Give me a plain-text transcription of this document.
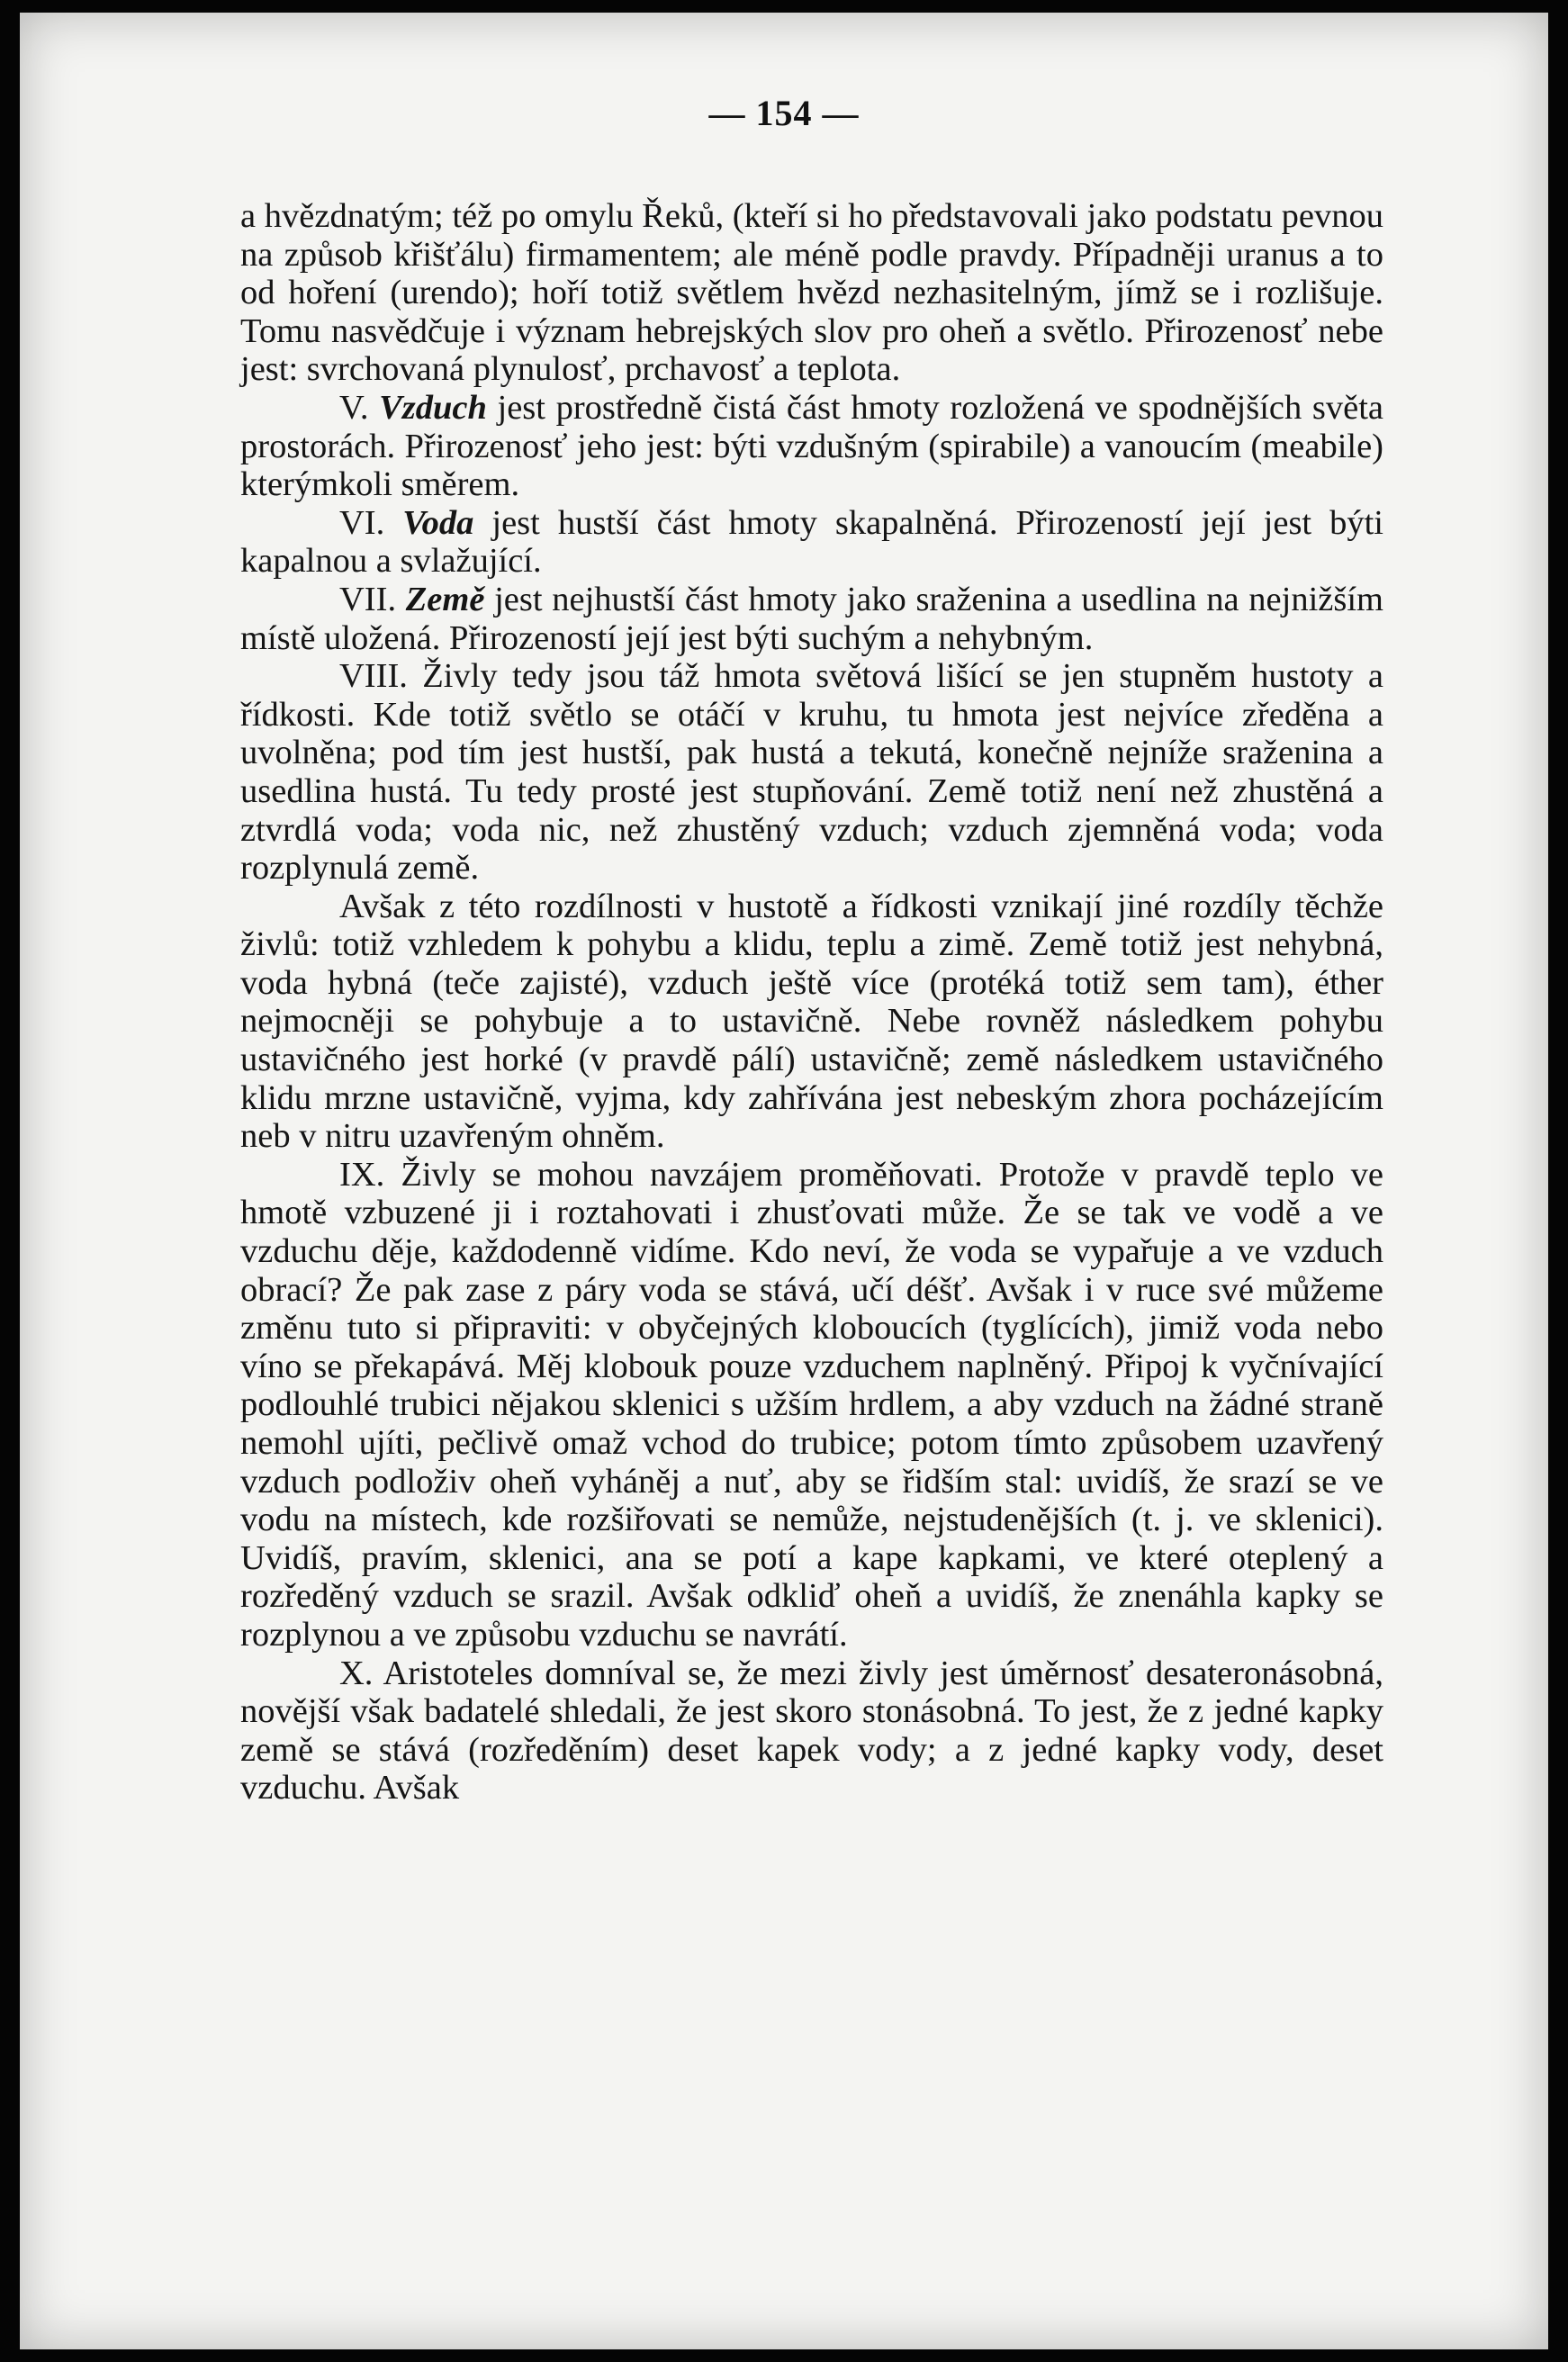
— 154 —

a hvězdnatým; též po omylu Řeků, (kteří si ho představovali jako podstatu pevnou na způsob křišťálu) firmamentem; ale méně podle pravdy. Případněji uranus a to od hoření (urendo); hoří totiž světlem hvězd nezhasitelným, jímž se i rozlišuje. Tomu nasvědčuje i význam hebrejských slov pro oheň a světlo. Přirozenosť nebe jest: svrchovaná plynulosť, prchavosť a teplota.

V. Vzduch jest prostředně čistá část hmoty rozložená ve spodnějších světa prostorách. Přirozenosť jeho jest: býti vzdušným (spirabile) a vanoucím (meabile) kterýmkoli směrem.

VI. Voda jest hustší část hmoty skapalněná. Přirozeností její jest býti kapalnou a svlažující.

VII. Země jest nejhustší část hmoty jako sraženina a usedlina na nejnižším místě uložená. Přirozeností její jest býti suchým a nehybným.

VIII. Živly tedy jsou táž hmota světová lišící se jen stupněm hustoty a řídkosti. Kde totiž světlo se otáčí v kruhu, tu hmota jest nejvíce zředěna a uvolněna; pod tím jest hustší, pak hustá a tekutá, konečně nejníže sraženina a usedlina hustá. Tu tedy prosté jest stupňování. Země totiž není než zhustěná a ztvrdlá voda; voda nic, než zhustěný vzduch; vzduch zjemněná voda; voda rozplynulá země.

Avšak z této rozdílnosti v hustotě a řídkosti vznikají jiné rozdíly těchže živlů: totiž vzhledem k pohybu a klidu, teplu a zimě. Země totiž jest nehybná, voda hybná (teče zajisté), vzduch ještě více (protéká totiž sem tam), éther nejmocněji se pohybuje a to ustavičně. Nebe rovněž následkem pohybu ustavičného jest horké (v pravdě pálí) ustavičně; země následkem ustavičného klidu mrzne ustavičně, vyjma, kdy zahřívána jest nebeským zhora pocházejícím neb v nitru uzavřeným ohněm.

IX. Živly se mohou navzájem proměňovati. Protože v pravdě teplo ve hmotě vzbuzené ji i roztahovati i zhusťovati může. Že se tak ve vodě a ve vzduchu děje, každodenně vidíme. Kdo neví, že voda se vypařuje a ve vzduch obrací? Že pak zase z páry voda se stává, učí déšť. Avšak i v ruce své můžeme změnu tuto si připraviti: v obyčejných kloboucích (tyglících), jimiž voda nebo víno se překapává. Měj klobouk pouze vzduchem naplněný. Připoj k vyčnívající podlouhlé trubici nějakou sklenici s užším hrdlem, a aby vzduch na žádné straně nemohl ujíti, pečlivě omaž vchod do trubice; potom tímto způsobem uzavřený vzduch podloživ oheň vyháněj a nuť, aby se řidším stal: uvidíš, že srazí se ve vodu na místech, kde rozšiřovati se nemůže, nejstudenějších (t. j. ve sklenici). Uvidíš, pravím, sklenici, ana se potí a kape kapkami, ve které oteplený a rozředěný vzduch se srazil. Avšak odkliď oheň a uvidíš, že znenáhla kapky se rozplynou a ve způsobu vzduchu se navrátí.

X. Aristoteles domníval se, že mezi živly jest úměrnosť desateronásobná, novější však badatelé shledali, že jest skoro stonásobná. To jest, že z jedné kapky země se stává (rozředěním) deset kapek vody; a z jedné kapky vody, deset vzduchu. Avšak
